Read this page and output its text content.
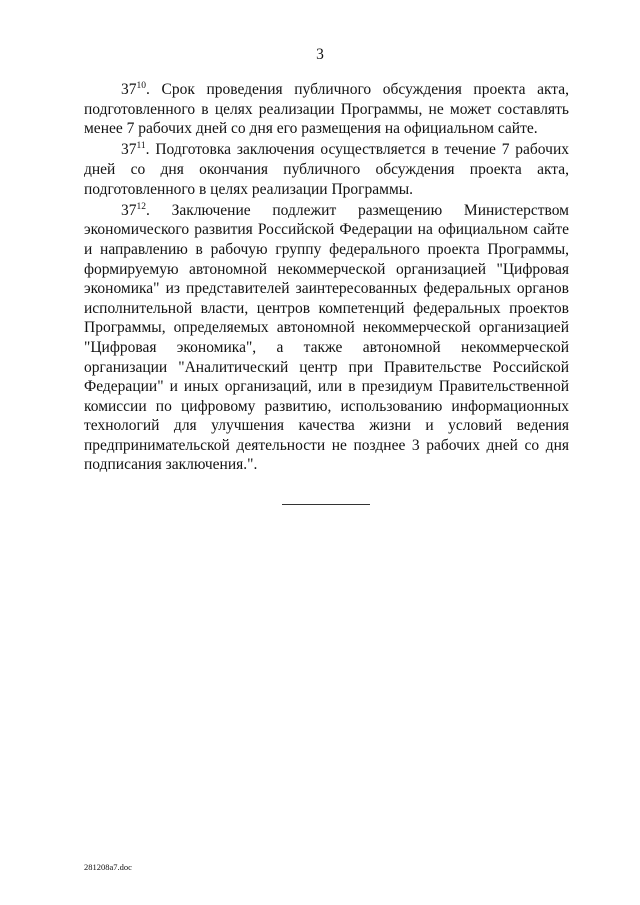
3

$37^{10}$. Срок проведения публичного обсуждения проекта акта, подготовленного в целях реализации Программы, не может составлять менее 7 рабочих дней со дня его размещения на официальном сайте.

$37^{11}$. Подготовка заключения осуществляется в течение 7 рабочих дней со дня окончания публичного обсуждения проекта акта, подготовленного в целях реализации Программы.

$37^{12}$. Заключение подлежит размещению Министерством экономического развития Российской Федерации на официальном сайте и направлению в рабочую группу федерального проекта Программы, формируемую автономной некоммерческой организацией "Цифровая экономика" из представителей заинтересованных федеральных органов исполнительной власти, центров компетенций федеральных проектов Программы, определяемых автономной некоммерческой организацией "Цифровая экономика", а также автономной некоммерческой организации "Аналитический центр при Правительстве Российской Федерации" и иных организаций, или в президиум Правительственной комиссии по цифровому развитию, использованию информационных технологий для улучшения качества жизни и условий ведения предпринимательской деятельности не позднее 3 рабочих дней со дня подписания заключения.".

281208a7.doc
